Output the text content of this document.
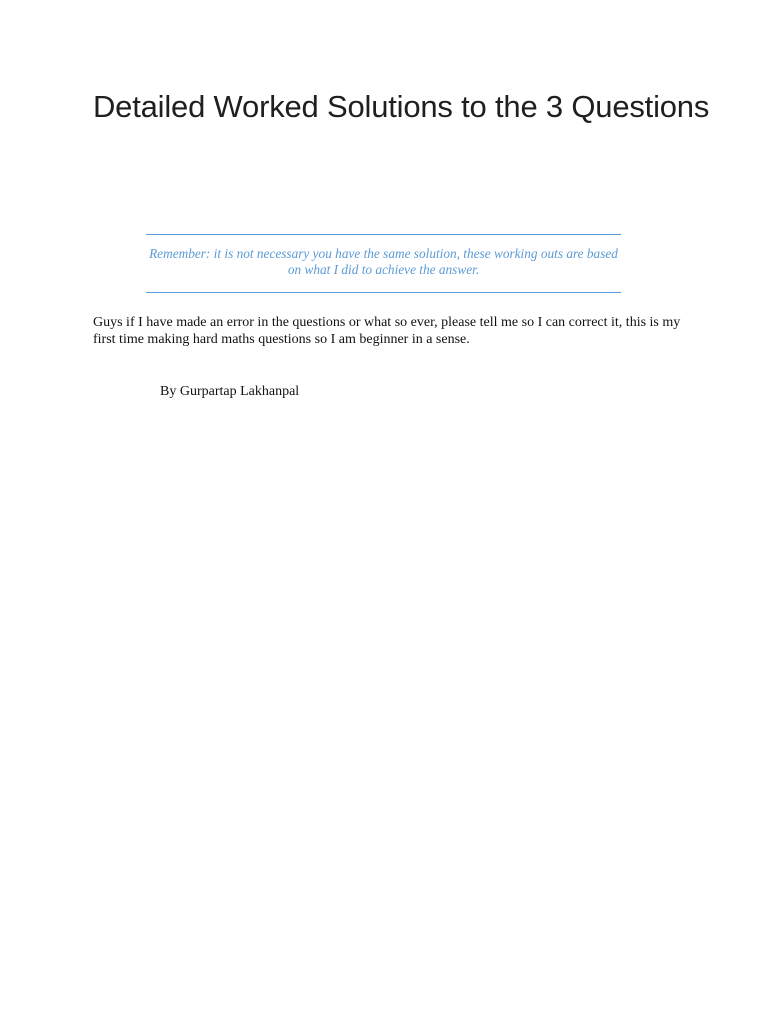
Detailed Worked Solutions to the 3 Questions

Remember: it is not necessary you have the same solution, these working outs are based on what I did to achieve the answer.

Guys if I have made an error in the questions or what so ever, please tell me so I can correct it, this is my first time making hard maths questions so I am beginner in a sense.

By Gurpartap Lakhanpal
